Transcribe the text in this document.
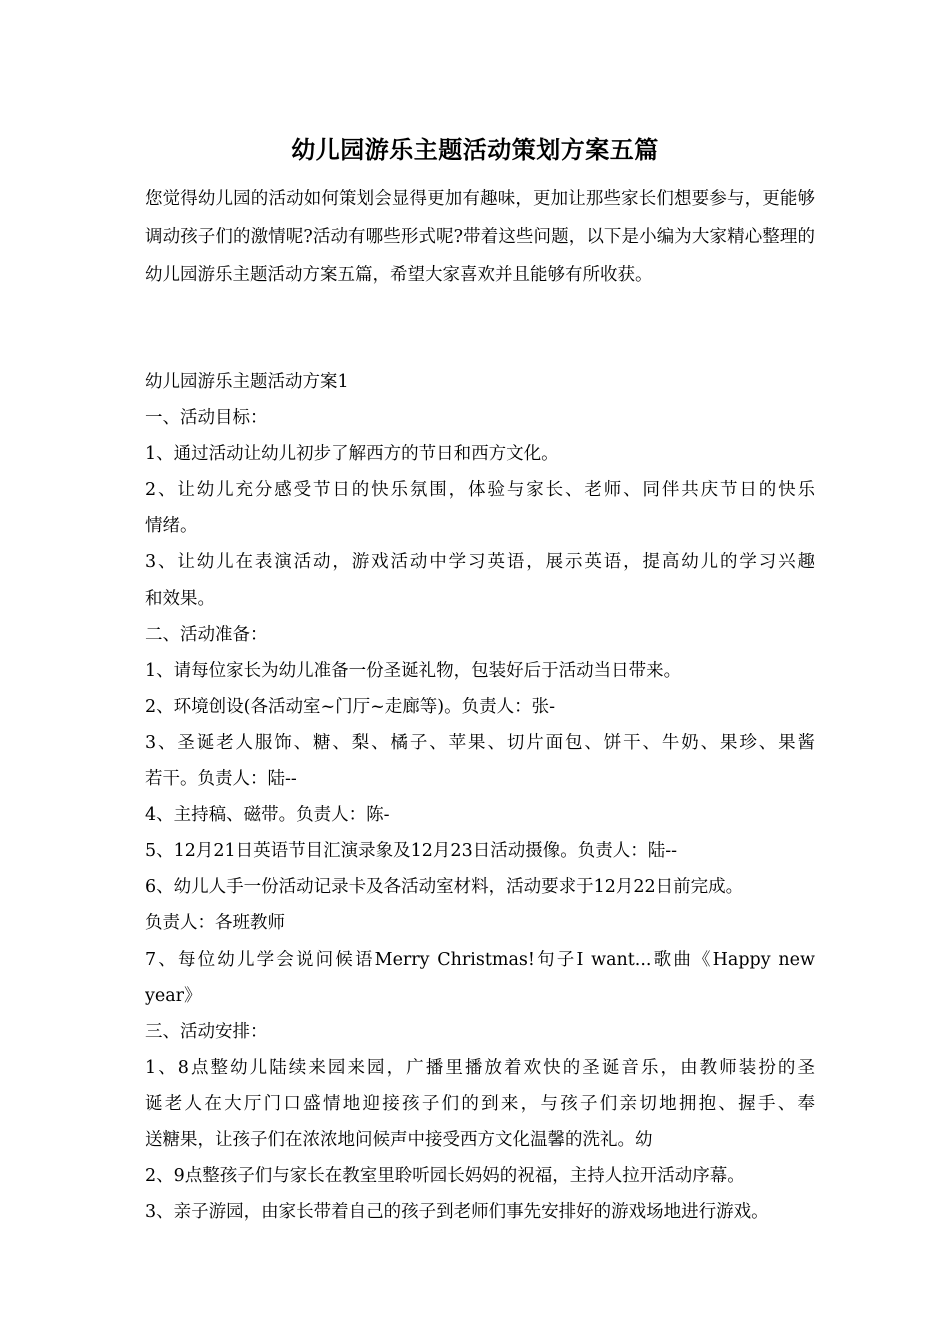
幼儿园游乐主题活动策划方案五篇
您觉得幼儿园的活动如何策划会显得更加有趣味，更加让那些家长们想要参与，更能够调动孩子们的激情呢?活动有哪些形式呢?带着这些问题，以下是小编为大家精心整理的幼儿园游乐主题活动方案五篇，希望大家喜欢并且能够有所收获。
幼儿园游乐主题活动方案1
一、活动目标：
1、通过活动让幼儿初步了解西方的节日和西方文化。
2、让幼儿充分感受节日的快乐氛围，体验与家长、老师、同伴共庆节日的快乐
情绪。
3、让幼儿在表演活动，游戏活动中学习英语，展示英语，提高幼儿的学习兴趣
和效果。
二、活动准备：
1、请每位家长为幼儿准备一份圣诞礼物，包装好后于活动当日带来。
2、环境创设(各活动室~门厅~走廊等)。负责人：张-
3、圣诞老人服饰、糖、梨、橘子、苹果、切片面包、饼干、牛奶、果珍、果酱
若干。负责人：陆--
4、主持稿、磁带。负责人：陈-
5、12月21日英语节目汇演录象及12月23日活动摄像。负责人：陆--
6、幼儿人手一份活动记录卡及各活动室材料，活动要求于12月22日前完成。
负责人：各班教师
7、每位幼儿学会说问候语Merry Christmas!句子I want...歌曲《Happy new
year》
三、活动安排：
1、8点整幼儿陆续来园来园，广播里播放着欢快的圣诞音乐，由教师装扮的圣
诞老人在大厅门口盛情地迎接孩子们的到来，与孩子们亲切地拥抱、握手、奉
送糖果，让孩子们在浓浓地问候声中接受西方文化温馨的洗礼。幼
2、9点整孩子们与家长在教室里聆听园长妈妈的祝福，主持人拉开活动序幕。
3、亲子游园，由家长带着自己的孩子到老师们事先安排好的游戏场地进行游戏。
